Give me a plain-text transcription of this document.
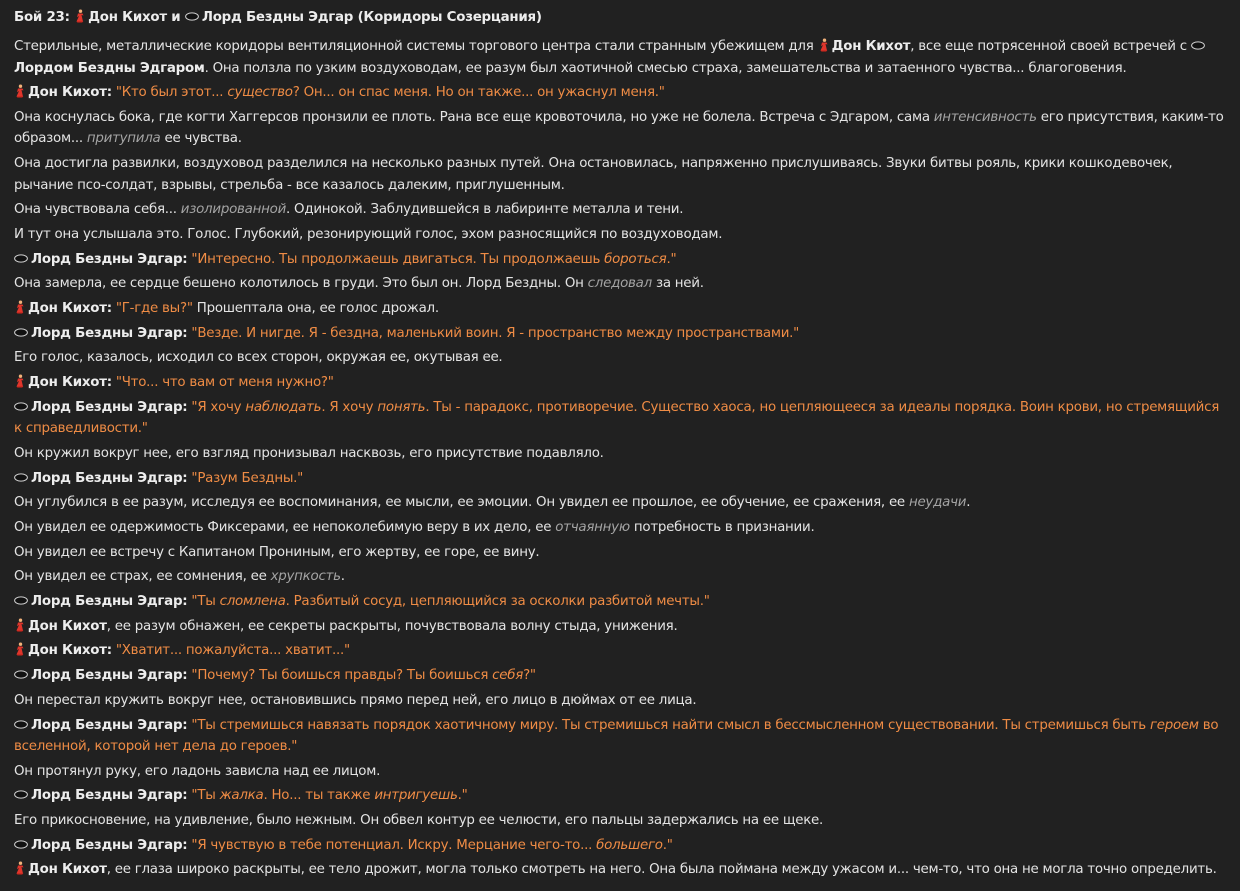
Бой 23: Дон Кихот и Лорд Бездны Эдгар (Коридоры Созерцания)
Стерильные, металлические коридоры вентиляционной системы торгового центра стали странным убежищем для Дон Кихот, все еще потрясенной своей встречей с Лордом Бездны Эдгаром. Она ползла по узким воздуховодам, ее разум был хаотичной смесью страха, замешательства и затаенного чувства... благоговения.
Дон Кихот: "Кто был этот... существо? Он... он спас меня. Но он также... он ужаснул меня."
Она коснулась бока, где когти Хаггерсов пронзили ее плоть. Рана все еще кровоточила, но уже не болела. Встреча с Эдгаром, сама интенсивность его присутствия, каким-то образом... притупила ее чувства.
Она достигла развилки, воздуховод разделился на несколько разных путей. Она остановилась, напряженно прислушиваясь. Звуки битвы рояль, крики кошкодевочек, рычание псо-солдат, взрывы, стрельба - все казалось далеким, приглушенным.
Она чувствовала себя... изолированной. Одинокой. Заблудившейся в лабиринте металла и тени.
И тут она услышала это. Голос. Глубокий, резонирующий голос, эхом разносящийся по воздуховодам.
Лорд Бездны Эдгар: "Интересно. Ты продолжаешь двигаться. Ты продолжаешь бороться."
Она замерла, ее сердце бешено колотилось в груди. Это был он. Лорд Бездны. Он следовал за ней.
Дон Кихот: "Г-где вы?" Прошептала она, ее голос дрожал.
Лорд Бездны Эдгар: "Везде. И нигде. Я - бездна, маленький воин. Я - пространство между пространствами."
Его голос, казалось, исходил со всех сторон, окружая ее, окутывая ее.
Дон Кихот: "Что... что вам от меня нужно?"
Лорд Бездны Эдгар: "Я хочу наблюдать. Я хочу понять. Ты - парадокс, противоречие. Существо хаоса, но цепляющееся за идеалы порядка. Воин крови, но стремящийся к справедливости."
Он кружил вокруг нее, его взгляд пронизывал насквозь, его присутствие подавляло.
Лорд Бездны Эдгар: "Разум Бездны."
Он углубился в ее разум, исследуя ее воспоминания, ее мысли, ее эмоции. Он увидел ее прошлое, ее обучение, ее сражения, ее неудачи.
Он увидел ее одержимость Фиксерами, ее непоколебимую веру в их дело, ее отчаянную потребность в признании.
Он увидел ее встречу с Капитаном Прониным, его жертву, ее горе, ее вину.
Он увидел ее страх, ее сомнения, ее хрупкость.
Лорд Бездны Эдгар: "Ты сломлена. Разбитый сосуд, цепляющийся за осколки разбитой мечты."
Дон Кихот, ее разум обнажен, ее секреты раскрыты, почувствовала волну стыда, унижения.
Дон Кихот: "Хватит... пожалуйста... хватит..."
Лорд Бездны Эдгар: "Почему? Ты боишься правды? Ты боишься себя?"
Он перестал кружить вокруг нее, остановившись прямо перед ней, его лицо в дюймах от ее лица.
Лорд Бездны Эдгар: "Ты стремишься навязать порядок хаотичному миру. Ты стремишься найти смысл в бессмысленном существовании. Ты стремишься быть героем во вселенной, которой нет дела до героев."
Он протянул руку, его ладонь зависла над ее лицом.
Лорд Бездны Эдгар: "Ты жалка. Но... ты также интригуешь."
Его прикосновение, на удивление, было нежным. Он обвел контур ее челюсти, его пальцы задержались на ее щеке.
Лорд Бездны Эдгар: "Я чувствую в тебе потенциал. Искру. Мерцание чего-то... большего."
Дон Кихот, ее глаза широко раскрыты, ее тело дрожит, могла только смотреть на него. Она была поймана между ужасом и... чем-то, что она не могла точно определить.
